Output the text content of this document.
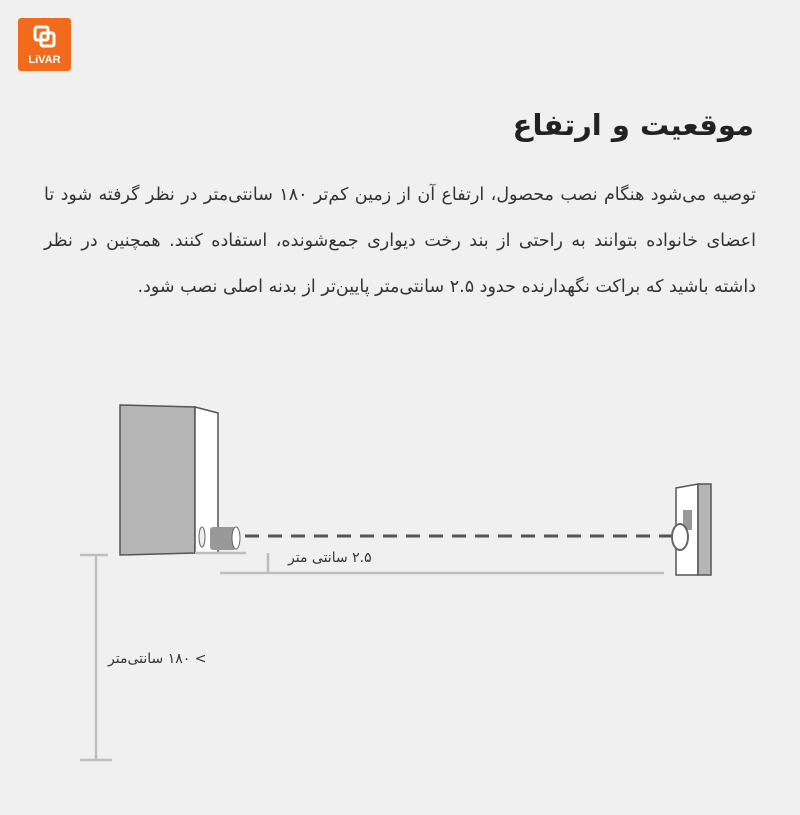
LiVAR
موقعیت و ارتفاع
توصیه می‌شود هنگام نصب محصول، ارتفاع آن از زمین کم‌تر ۱۸۰ سانتی‌متر در نظر گرفته شود تا اعضای خانواده بتوانند به راحتی از بند رخت دیواری جمع‌شونده، استفاده کنند. همچنین در نظر داشته باشید که براکت نگهدارنده حدود ۲.۵ سانتی‌متر پایین‌تر از بدنه اصلی نصب شود.
۲.۵ سانتی متر
> ۱۸۰ سانتی‌متر
